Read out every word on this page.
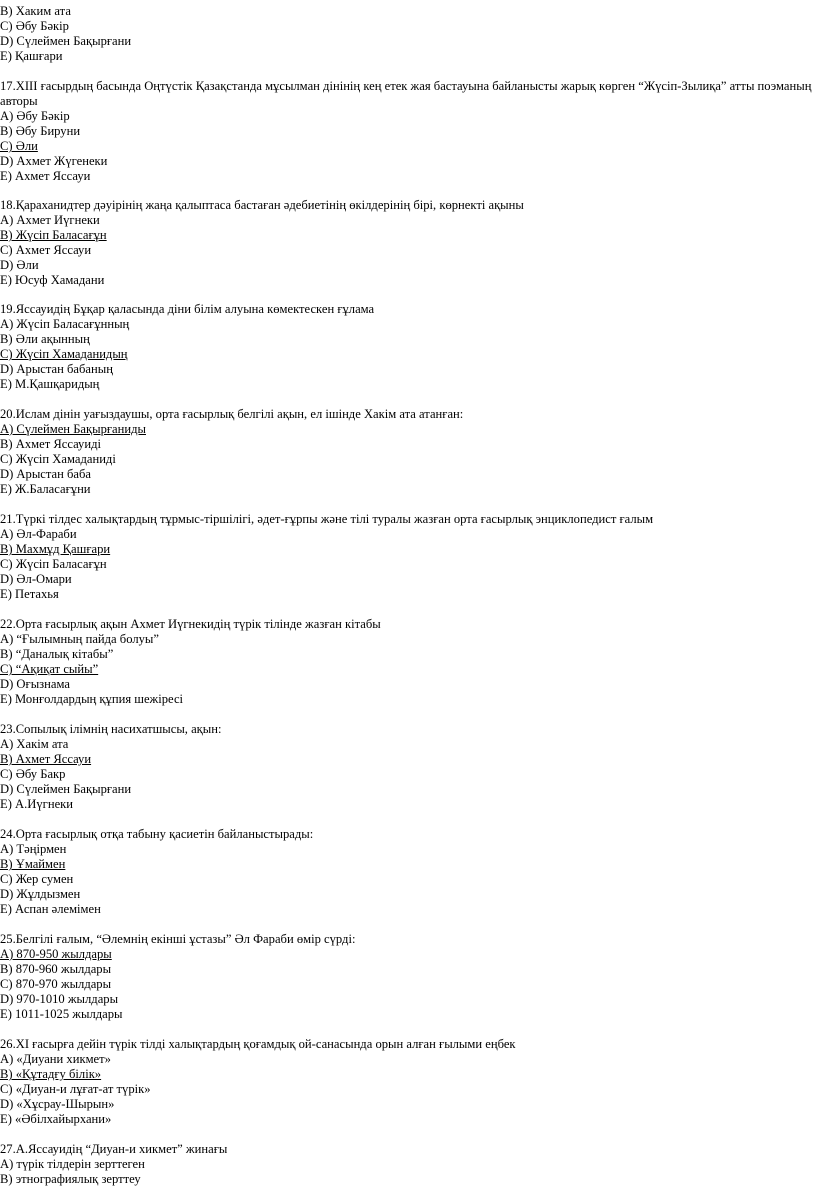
B) Хаким ата
C) Әбу Бәкір
D) Сүлеймен Бақырғани
E) Қашғари
17.XIII ғасырдың басында Оңтүстік Қазақстанда мұсылман дінінің кең етек жая бастауына байланысты жарық көрген “Жүсіп-Зылиқа” атты поэманың авторы
A) Әбу Бәкір
B) Әбу Бируни
C) Әли
D) Ахмет Жүгенеки
E) Ахмет Яссауи
18.Қараханидтер дәуірінің жаңа қалыптаса бастаған әдебиетінің өкілдерінің бірі, көрнекті ақыны
A) Ахмет Иүгнеки
B) Жүсіп Баласағұн
C) Ахмет Яссауи
D) Әли
E) Юсуф Хамадани
19.Яссауидің Бұқар қаласында діни білім алуына көмектескен ғұлама
A) Жүсіп Баласағұнның
B) Әли ақынның
C) Жүсіп Хамаданидың
D) Арыстан бабаның
E) М.Қашқаридың
20.Ислам дінін уағыздаушы, орта ғасырлық белгілі ақын, ел ішінде Хакім ата атанған:
A) Сүлеймен Бақырғаниды
B) Ахмет Яссауиді
C) Жүсіп Хамаданиді
D) Арыстан баба
E) Ж.Баласағұни
21.Түркі тілдес халықтардың тұрмыс-тіршілігі, әдет-ғұрпы және тілі туралы жазған орта ғасырлық энциклопедист ғалым
A) Әл-Фараби
B) Махмұд Қашғари
C) Жүсіп Баласағұн
D) Әл-Омари
E) Петахья
22.Орта ғасырлық ақын Ахмет Иүгнекидің түрік тілінде жазған кітабы
A) “Ғылымның пайда болуы”
B) “Даналық кітабы”
C) “Ақиқат сыйы”
D) Оғызнама
E) Монғолдардың құпия шежіресі
23.Сопылық ілімнің насихатшысы, ақын:
A) Хакім ата
B) Ахмет Яссауи
C) Әбу Бакр
D) Сүлеймен Бақырғани
E) А.Иүгнеки
24.Орта ғасырлық отқа табыну қасиетін байланыстырады:
A) Тәңірмен
B) Ұмаймен
C) Жер сумен
D) Жұлдызмен
E) Аспан әлемімен
25.Белгілі ғалым, “Әлемнің екінші ұстазы” Әл Фараби өмір сүрді:
A) 870-950 жылдары
B) 870-960 жылдары
C) 870-970 жылдары
D) 970-1010 жылдары
E) 1011-1025 жылдары
26.XI ғасырға дейін түрік тілді халықтардың қоғамдық ой-санасында орын алған ғылыми еңбек
A) «Диуани хикмет»
B) «Құтадғу білік»
C) «Диуан-и лұғат-ат түрік»
D) «Хұсрау-Шырын»
E) «Әбілхайырхани»
27.А.Яссауидің “Диуан-и хикмет” жинағы
A) түрік тілдерін зерттеген
B) этнографиялық зерттеу
